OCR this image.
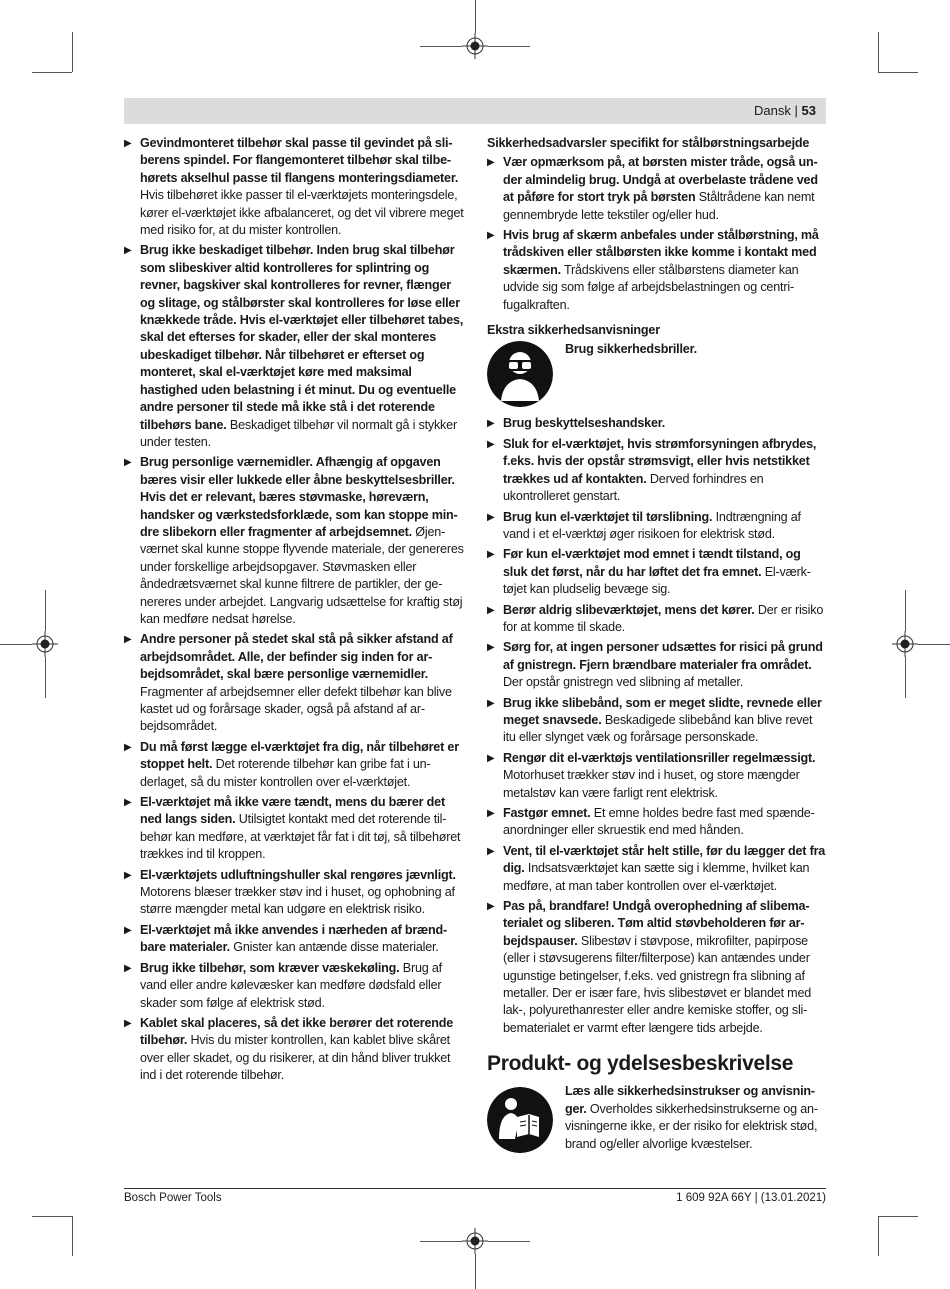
Dansk | 53
▶ Gevindmonteret tilbehør skal passe til gevindet på sliberens spindel. For flangemonteret tilbehør skal tilbehørets akselhul passe til flangens monteringsdiameter. Hvis tilbehøret ikke passer til el-værktøjets monteringsdele, kører el-værktøjet ikke afbalanceret, og det vil vibrere meget med risiko for, at du mister kontrollen.
▶ Brug ikke beskadiget tilbehør. Inden brug skal tilbehør som slibeskiver altid kontrolleres for splintring og revner, bagskiver skal kontrolleres for revner, flænger og slitage, og stålbørster skal kontrolleres for løse eller knækkede tråde. Hvis el-værktøjet eller tilbehøret tabes, skal det efterses for skader, eller der skal monteres ubeskadiget tilbehør. Når tilbehøret er efterset og monteret, skal el-værktøjet køre med maksimal hastighed uden belastning i ét minut. Du og eventuelle andre personer til stede må ikke stå i det roterende tilbehørs bane. Beskadiget tilbehør vil normalt gå i stykker under testen.
▶ Brug personlige værnemidler. Afhængig af opgaven bæres visir eller lukkede eller åbne beskyttelsesbriller. Hvis det er relevant, bæres støvmaske, høreværn, handsker og værkstedsforklæde, som kan stoppe mindre slibekorn eller fragmenter af arbejdsemnet. Øjenværnet skal kunne stoppe flyvende materiale, der genereres under forskellige arbejdsopgaver. Støvmasken eller åndedrætsværnet skal kunne filtrere de partikler, der genereres under arbejdet. Langvarig udsættelse for kraftig støj kan medføre nedsat hørelse.
▶ Andre personer på stedet skal stå på sikker afstand af arbejdsområdet. Alle, der befinder sig inden for arbejdsområdet, skal bære personlige værnemidler. Fragmenter af arbejdsemner eller defekt tilbehør kan blive kastet ud og forårsage skader, også på afstand af arbejdsområdet.
▶ Du må først lægge el-værktøjet fra dig, når tilbehøret er stoppet helt. Det roterende tilbehør kan gribe fat i underlaget, så du mister kontrollen over el-værktøjet.
▶ El-værktøjet må ikke være tændt, mens du bærer det ned langs siden. Utilsigtet kontakt med det roterende tilbehør kan medføre, at værktøjet får fat i dit tøj, så tilbehøret trækkes ind til kroppen.
▶ El-værktøjets udluftningshuller skal rengøres jævnligt. Motorens blæser trækker støv ind i huset, og ophobning af større mængder metal kan udgøre en elektrisk risiko.
▶ El-værktøjet må ikke anvendes i nærheden af brændbare materialer. Gnister kan antænde disse materialer.
▶ Brug ikke tilbehør, som kræver væskekøling. Brug af vand eller andre kølevæsker kan medføre dødsfald eller skader som følge af elektrisk stød.
▶ Kablet skal placeres, så det ikke berører det roterende tilbehør. Hvis du mister kontrollen, kan kablet blive skåret over eller skadet, og du risikerer, at din hånd bliver trukket ind i det roterende tilbehør.
Sikkerhedsadvarsler specifikt for stålbørstningsarbejde
▶ Vær opmærksom på, at børsten mister tråde, også under almindelig brug. Undgå at overbelaste trådene ved at påføre for stort tryk på børsten Ståltrådene kan nemt gennembryde lette tekstiler og/eller hud.
▶ Hvis brug af skærm anbefales under stålbørstning, må trådskiven eller stålbørsten ikke komme i kontakt med skærmen. Trådskivens eller stålbørstens diameter kan udvide sig som følge af arbejdsbelastningen og centrifugalkraften.
Ekstra sikkerhedsanvisninger
Brug sikkerhedsbriller.
▶ Brug beskyttelseshandsker.
▶ Sluk for el-værktøjet, hvis strømforsyningen afbrydes, f.eks. hvis der opstår strømsvigt, eller hvis netstikket trækkes ud af kontakten. Derved forhindres en ukontrolleret genstart.
▶ Brug kun el-værktøjet til tørslibning. Indtrængning af vand i et el-værktøj øger risikoen for elektrisk stød.
▶ Før kun el-værktøjet mod emnet i tændt tilstand, og sluk det først, når du har løftet det fra emnet. El-værktøjet kan pludselig bevæge sig.
▶ Berør aldrig slibeværktøjet, mens det kører. Der er risiko for at komme til skade.
▶ Sørg for, at ingen personer udsættes for risici på grund af gnistregn. Fjern brændbare materialer fra området. Der opstår gnistregn ved slibning af metaller.
▶ Brug ikke slibebånd, som er meget slidte, revnede eller meget snavsede. Beskadigede slibebånd kan blive revet itu eller slynget væk og forårsage personskade.
▶ Rengør dit el-værktøjs ventilationsriller regelmæssigt. Motorhuset trækker støv ind i huset, og store mængder metalstøv kan være farligt rent elektrisk.
▶ Fastgør emnet. Et emne holdes bedre fast med spændeanordninger eller skruestik end med hånden.
▶ Vent, til el-værktøjet står helt stille, før du lægger det fra dig. Indsatsværktøjet kan sætte sig i klemme, hvilket kan medføre, at man taber kontrollen over el-værktøjet.
▶ Pas på, brandfare! Undgå overophedning af slibematerialet og sliberen. Tøm altid støvbeholderen før arbejdspauser. Slibestøv i støvpose, mikrofilter, papirpose (eller i støvsugerens filter/filterpose) kan antændes under ugunstige betingelser, f.eks. ved gnistregn fra slibning af metaller. Der er især fare, hvis slibestøvet er blandet med lak-, polyurethanrester eller andre kemiske stoffer, og slibematerialet er varmt efter længere tids arbejde.
Produkt- og ydelsesbeskrivelse
Læs alle sikkerhedsinstrukser og anvisninger. Overholdes sikkerhedsinstrukserne og anvisningerne ikke, er der risiko for elektrisk stød, brand og/eller alvorlige kvæstelser.
Bosch Power Tools	1 609 92A 66Y | (13.01.2021)
